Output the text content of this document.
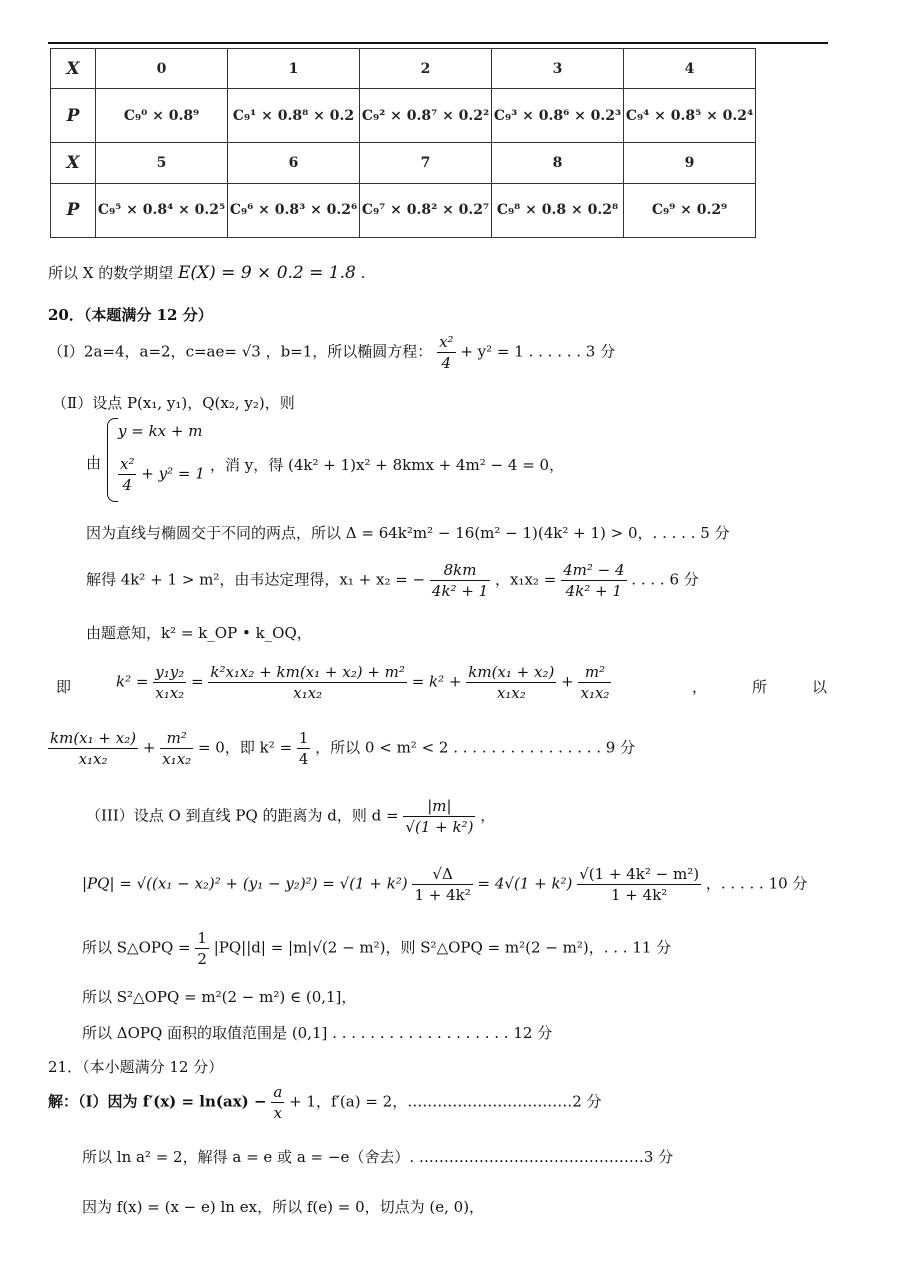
X	0	1	2	3	4
P	C₉⁰ × 0.8⁹	C₉¹ × 0.8⁸ × 0.2	C₉² × 0.8⁷ × 0.2²	C₉³ × 0.8⁶ × 0.2³	C₉⁴ × 0.8⁵ × 0.2⁴
X	5	6	7	8	9
P	C₉⁵ × 0.8⁴ × 0.2⁵	C₉⁶ × 0.8³ × 0.2⁶	C₉⁷ × 0.8² × 0.2⁷	C₉⁸ × 0.8 × 0.2⁸	C₉⁹ × 0.2⁹
所以 X 的数学期望 E(X) = 9 × 0.2 = 1.8 .
20．（本题满分 12 分）
（Ⅰ）2a=4，a=2，c=ae= √3 ，b=1，所以椭圆方程： $\frac{\text{x²}}{4} + y^2 = 1$ . . . . . . 3 分
（Ⅱ）设点 P(x₁, y₁)，Q(x₂, y₂)，则
由
y = kx + m
$\frac{\text{x²}}{4} + y^2 = 1$ ，消 y，得 (4k² + 1)x² + 8kmx + 4m² − 4 = 0，
因为直线与椭圆交于不同的两点，所以 Δ = 64k²m² − 16(m² − 1)(4k² + 1) > 0，. . . . . 5 分
解得 4k² + 1 > m²，由韦达定理得，x₁ + x₂ = − $\frac{8km}{\text{4k² + 1}}$ ，$x_1x_2 = \frac{\text{4m² − 4}}{\text{4k² + 1}}$ . . . . 6 分
由题意知，k² = k_OP • k_OQ，
即	$k^2 = \frac{\text{y₁y₂}}{\text{x₁x₂}} = \frac{\text{k²x₁x₂ + km(x₁ + x₂) + m²}}{\text{x₁x₂}} = k^2 + \frac{\text{km(x₁ + x₂)}}{\text{x₁x₂}} + \frac{\text{m²}}{\text{x₁x₂}}$	，	所	以
$\frac{\text{km(x₁ + x₂)}}{\text{x₁x₂}} + \frac{\text{m²}}{\text{x₁x₂}} = 0$，即 $k^2 = \frac{1}{4}$ ，所以 0 < m² < 2 . . . . . . . . . . . . . . . . 9 分
（III）设点 O 到直线 PQ 的距离为 d，则 $d = \frac{|m|}{\text{√(1 + k²)}}$ ，
$|PQ| = √((x_1 - x_2)^2 + (y_1 - y_2)^2) = √(1 + k^2) \frac{√\Delta}{\text{1 + 4k²}} = 4√(1 + k^2) \frac{\text{√(1 + 4k² − m²)}}{\text{1 + 4k²}}$ ，. . . . . 10 分
所以 S△OPQ = $\frac{1}{2} |PQ||d| = |m|√(2 - m^2)$，则 S²△OPQ = m²(2 − m²)，. . . 11 分
所以 S²△OPQ = m²(2 − m²) ∈ (0,1]，
所以 ΔOPQ 面积的取值范围是 (0,1] . . . . . . . . . . . . . . . . . . . 12 分
21．（本小题满分 12 分）
解：（Ⅰ）因为 $f'(x) = \ln(ax) - \frac{a}{x} + 1$，f′(a) = 2，……………………………2 分
所以 ln a² = 2，解得 a = e 或 a = −e（舍去）. ………………………………………3 分
因为 f(x) = (x − e) ln ex，所以 f(e) = 0，切点为 (e, 0)，
